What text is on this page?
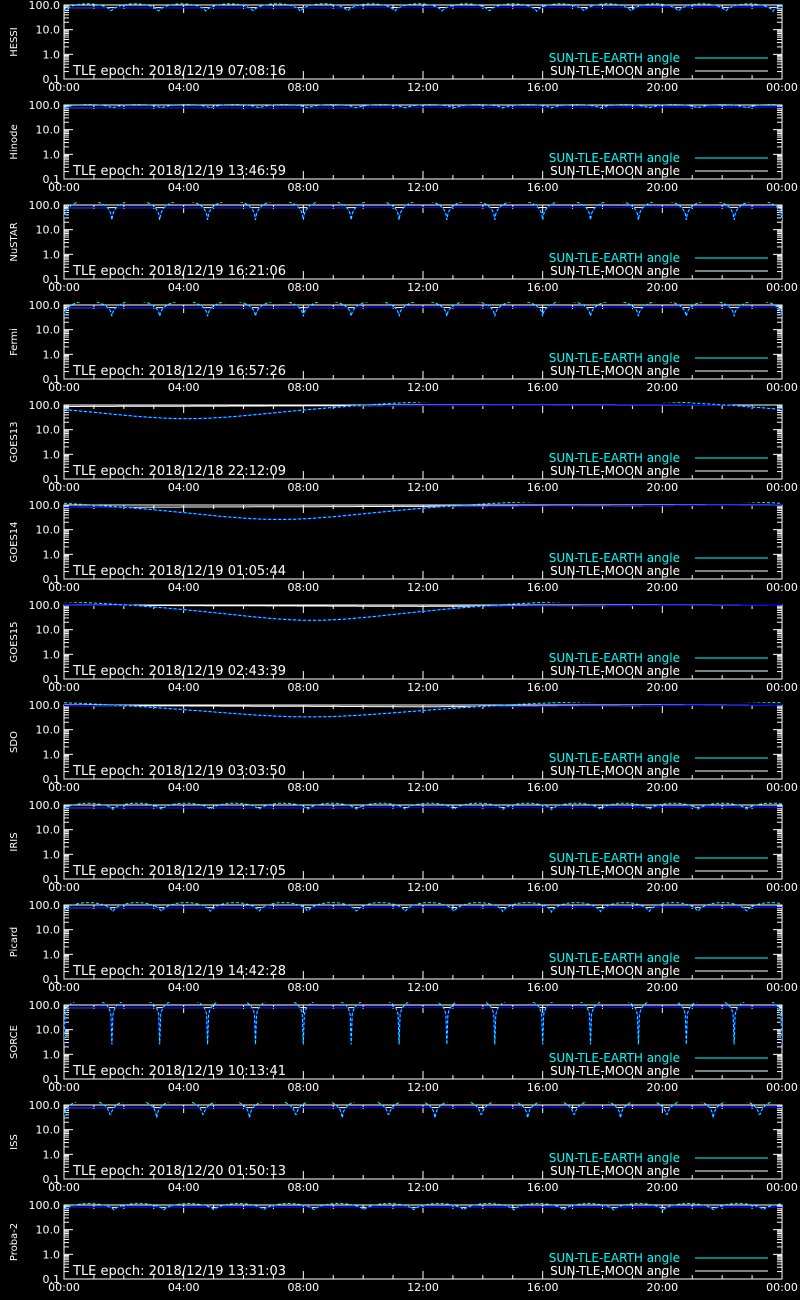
0.1
1.0
10.0
100.0
00:00	04:00	08:00	12:00	16:00	20:00	00:00
HESSI
TLE epoch: 2018/12/19 07:08:16
SUN-TLE-EARTH angle
SUN-TLE-MOON angle
0.1
1.0
10.0
100.0
00:00	04:00	08:00	12:00	16:00	20:00	00:00
Hinode
TLE epoch: 2018/12/19 13:46:59
SUN-TLE-EARTH angle
SUN-TLE-MOON angle
0.1
1.0
10.0
100.0
00:00	04:00	08:00	12:00	16:00	20:00	00:00
NuSTAR
TLE epoch: 2018/12/19 16:21:06
SUN-TLE-EARTH angle
SUN-TLE-MOON angle
0.1
1.0
10.0
100.0
00:00	04:00	08:00	12:00	16:00	20:00	00:00
Fermi
TLE epoch: 2018/12/19 16:57:26
SUN-TLE-EARTH angle
SUN-TLE-MOON angle
0.1
1.0
10.0
100.0
00:00	04:00	08:00	12:00	16:00	20:00	00:00
GOES13
TLE epoch: 2018/12/18 22:12:09
SUN-TLE-EARTH angle
SUN-TLE-MOON angle
0.1
1.0
10.0
100.0
00:00	04:00	08:00	12:00	16:00	20:00	00:00
GOES14
TLE epoch: 2018/12/19 01:05:44
SUN-TLE-EARTH angle
SUN-TLE-MOON angle
0.1
1.0
10.0
100.0
00:00	04:00	08:00	12:00	16:00	20:00	00:00
GOES15
TLE epoch: 2018/12/19 02:43:39
SUN-TLE-EARTH angle
SUN-TLE-MOON angle
0.1
1.0
10.0
100.0
00:00	04:00	08:00	12:00	16:00	20:00	00:00
SDO
TLE epoch: 2018/12/19 03:03:50
SUN-TLE-EARTH angle
SUN-TLE-MOON angle
0.1
1.0
10.0
100.0
00:00	04:00	08:00	12:00	16:00	20:00	00:00
IRIS
TLE epoch: 2018/12/19 12:17:05
SUN-TLE-EARTH angle
SUN-TLE-MOON angle
0.1
1.0
10.0
100.0
00:00	04:00	08:00	12:00	16:00	20:00	00:00
Picard
TLE epoch: 2018/12/19 14:42:28
SUN-TLE-EARTH angle
SUN-TLE-MOON angle
0.1
1.0
10.0
100.0
00:00	04:00	08:00	12:00	16:00	20:00	00:00
SORCE
TLE epoch: 2018/12/19 10:13:41
SUN-TLE-EARTH angle
SUN-TLE-MOON angle
0.1
1.0
10.0
100.0
00:00	04:00	08:00	12:00	16:00	20:00	00:00
ISS
TLE epoch: 2018/12/20 01:50:13
SUN-TLE-EARTH angle
SUN-TLE-MOON angle
0.1
1.0
10.0
100.0
00:00	04:00	08:00	12:00	16:00	20:00	00:00
Proba-2
TLE epoch: 2018/12/19 13:31:03
SUN-TLE-EARTH angle
SUN-TLE-MOON angle
